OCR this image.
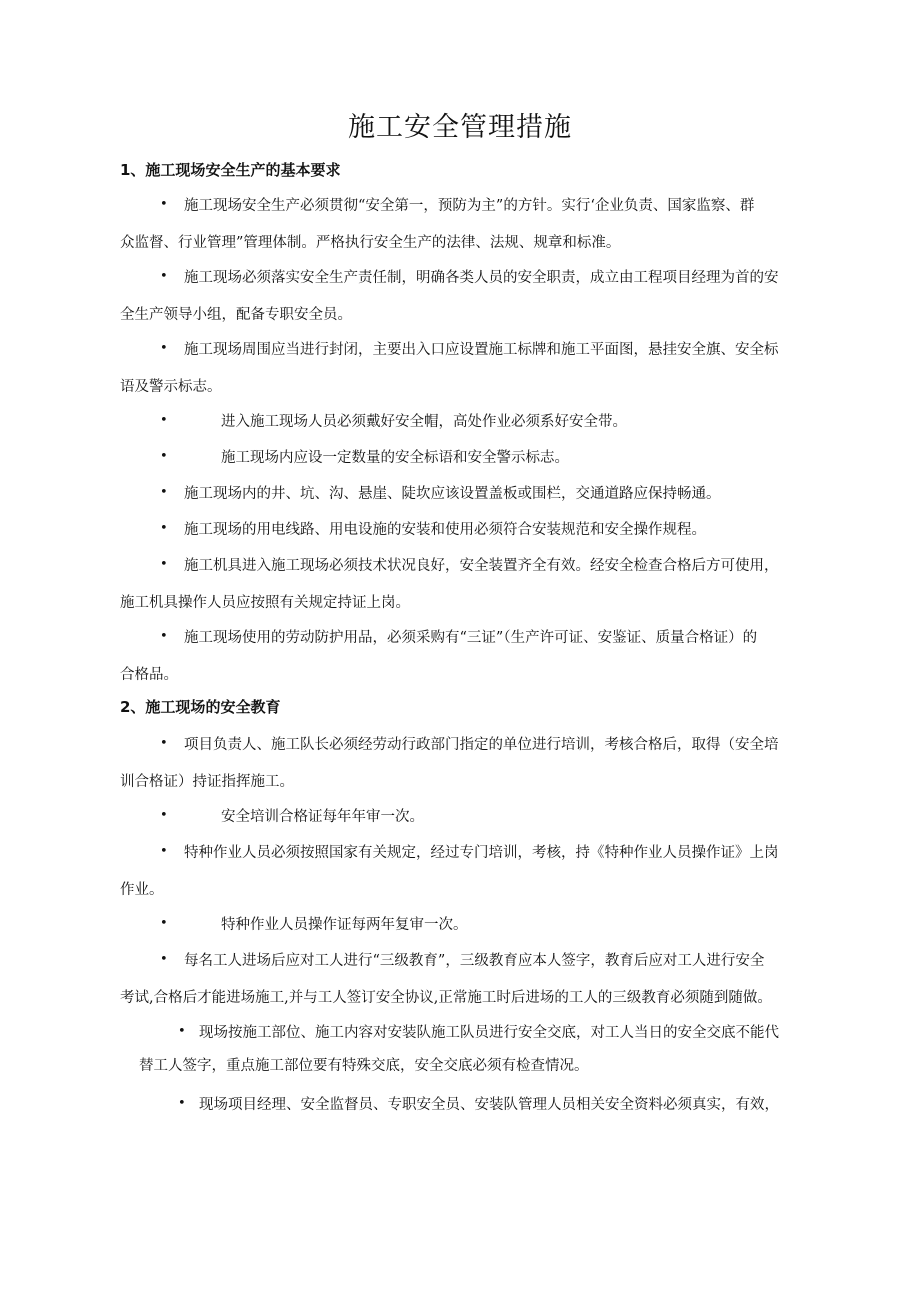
施工安全管理措施
1、施工现场安全生产的基本要求
• 施工现场安全生产必须贯彻“安全第一，预防为主”的方针。实行‘企业负责、国家监察、群
众监督、行业管理”管理体制。严格执行安全生产的法律、法规、规章和标准。
• 施工现场必须落实安全生产责任制，明确各类人员的安全职责，成立由工程项目经理为首的安
全生产领导小组，配备专职安全员。
• 施工现场周围应当进行封闭，主要出入口应设置施工标牌和施工平面图，悬挂安全旗、安全标
语及警示标志。
•	进入施工现场人员必须戴好安全帽，高处作业必须系好安全带。
•	施工现场内应设一定数量的安全标语和安全警示标志。
• 施工现场内的井、坑、沟、悬崖、陡坎应该设置盖板或围栏，交通道路应保持畅通。
• 施工现场的用电线路、用电设施的安装和使用必须符合安装规范和安全操作规程。
• 施工机具进入施工现场必须技术状况良好，安全装置齐全有效。经安全检查合格后方可使用，
施工机具操作人员应按照有关规定持证上岗。
• 施工现场使用的劳动防护用品，必须采购有“三证”（生产许可证、安鉴证、质量合格证）的
合格品。
2、施工现场的安全教育
• 项目负责人、施工队长必须经劳动行政部门指定的单位进行培训，考核合格后，取得（安全培
训合格证）持证指挥施工。
•	安全培训合格证每年年审一次。
• 特种作业人员必须按照国家有关规定，经过专门培训，考核，持《特种作业人员操作证》上岗
作业。
•	特种作业人员操作证每两年复审一次。
• 每名工人进场后应对工人进行“三级教育”，三级教育应本人签字，教育后应对工人进行安全
考试,合格后才能进场施工,并与工人签订安全协议,正常施工时后进场的工人的三级教育必须随到随做。
• 现场按施工部位、施工内容对安装队施工队员进行安全交底，对工人当日的安全交底不能代
替工人签字，重点施工部位要有特殊交底，安全交底必须有检查情况。
• 现场项目经理、安全监督员、专职安全员、安装队管理人员相关安全资料必须真实，有效，
